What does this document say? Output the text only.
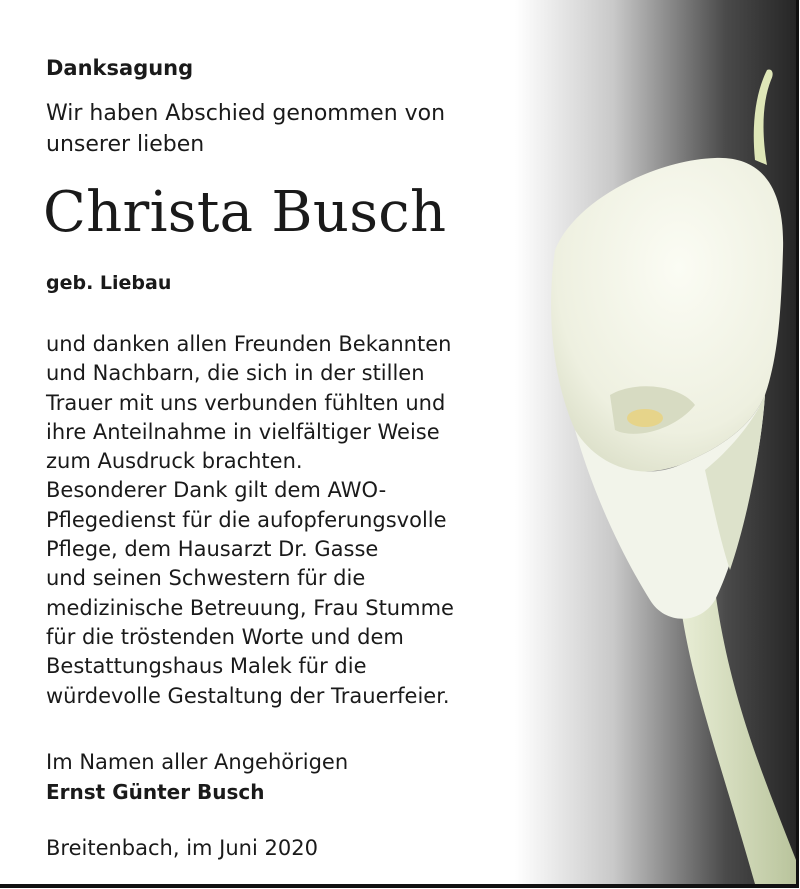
Danksagung

Wir haben Abschied genommen von
unserer lieben

Christa Busch

geb. Liebau

und danken allen Freunden Bekannten
und Nachbarn, die sich in der stillen
Trauer mit uns verbunden fühlten und
ihre Anteilnahme in vielfältiger Weise
zum Ausdruck brachten.
Besonderer Dank gilt dem AWO-
Pflegedienst für die aufopferungsvolle
Pflege, dem Hausarzt Dr. Gasse
und seinen Schwestern für die
medizinische Betreuung, Frau Stumme
für die tröstenden Worte und dem
Bestattungshaus Malek für die
würdevolle Gestaltung der Trauerfeier.

Im Namen aller Angehörigen

Ernst Günter Busch

Breitenbach, im Juni 2020
